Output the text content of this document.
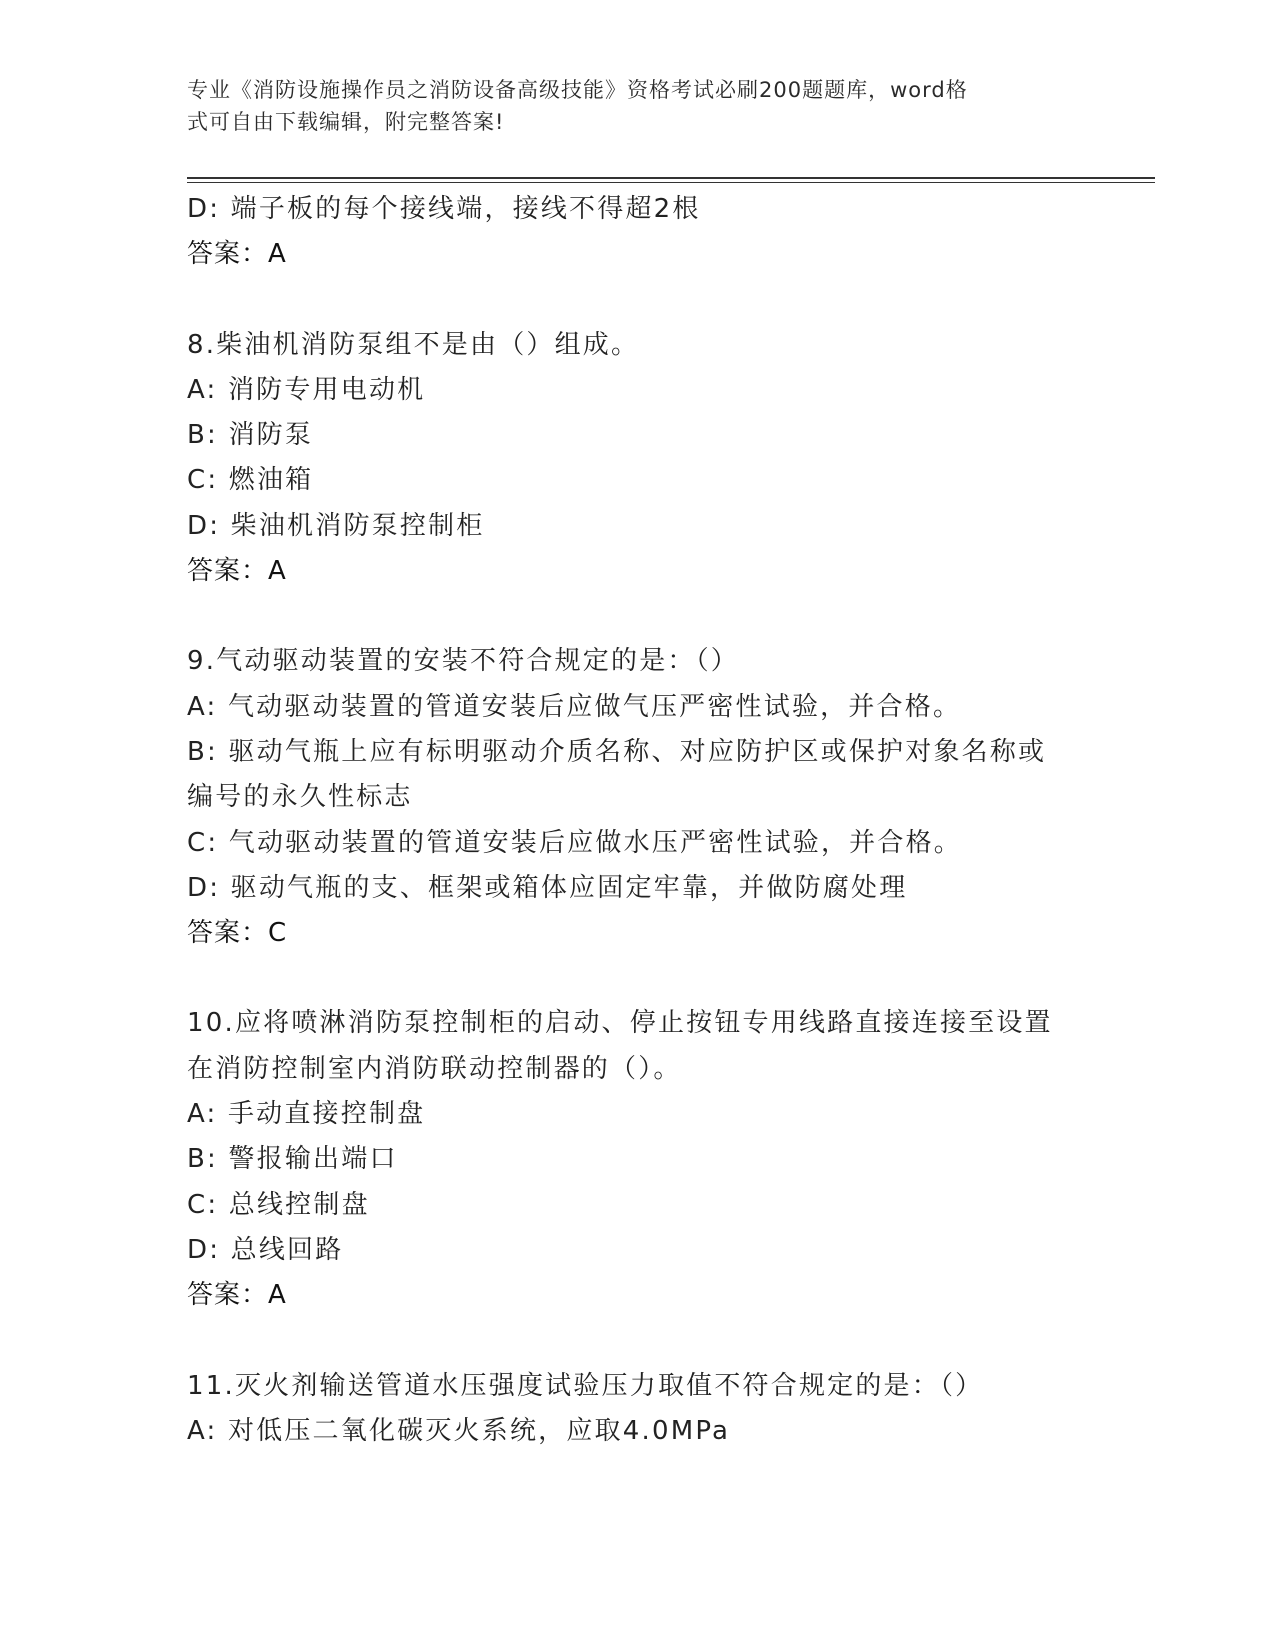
专业《消防设施操作员之消防设备高级技能》资格考试必刷200题题库，word格
式可自由下载编辑，附完整答案!
D: 端子板的每个接线端，接线不得超2根
答案：A
8.柴油机消防泵组不是由（）组成。
A: 消防专用电动机
B: 消防泵
C: 燃油箱
D: 柴油机消防泵控制柜
答案：A
9.气动驱动装置的安装不符合规定的是：（）
A: 气动驱动装置的管道安装后应做气压严密性试验，并合格。
B: 驱动气瓶上应有标明驱动介质名称、对应防护区或保护对象名称或
编号的永久性标志
C: 气动驱动装置的管道安装后应做水压严密性试验，并合格。
D: 驱动气瓶的支、框架或箱体应固定牢靠，并做防腐处理
答案：C
10.应将喷淋消防泵控制柜的启动、停止按钮专用线路直接连接至设置
在消防控制室内消防联动控制器的（）。
A: 手动直接控制盘
B: 警报输出端口
C: 总线控制盘
D: 总线回路
答案：A
11.灭火剂输送管道水压强度试验压力取值不符合规定的是：（）
A: 对低压二氧化碳灭火系统，应取4.0MPa
